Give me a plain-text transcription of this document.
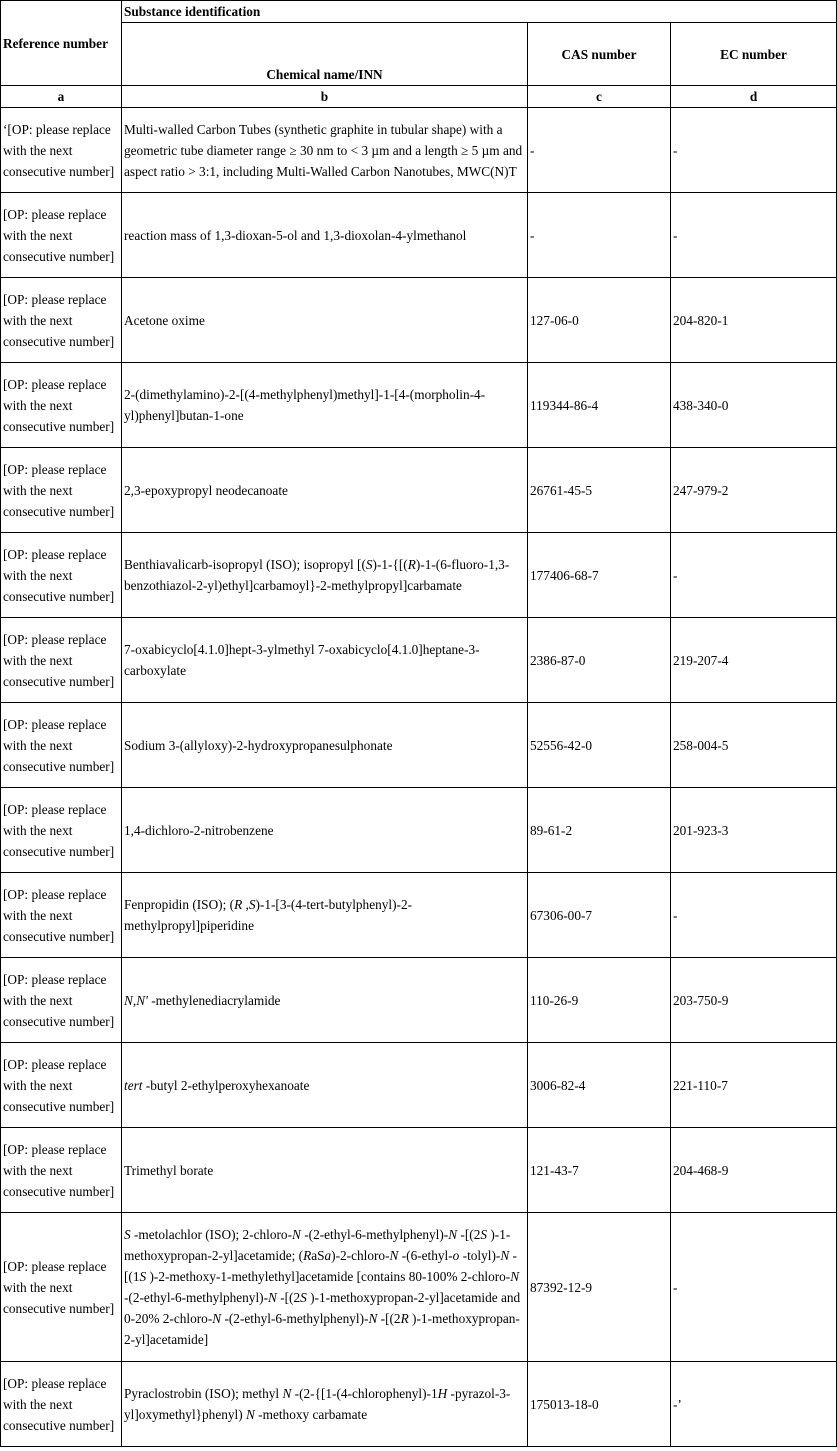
Reference number	Substance identification		
	Chemical name/INN	CAS number	EC number
a	b	c	d
‘[OP: please replace with the next consecutive number]	Multi-walled Carbon Tubes (synthetic graphite in tubular shape) with a geometric tube diameter range ≥ 30 nm to < 3 µm and a length ≥ 5 µm and aspect ratio > 3:1, including Multi-Walled Carbon Nanotubes, MWC(N)T	-	-
[OP: please replace with the next consecutive number]	reaction mass of 1,3-dioxan-5-ol and 1,3-dioxolan-4-ylmethanol	-	-
[OP: please replace with the next consecutive number]	Acetone oxime	127-06-0	204-820-1
[OP: please replace with the next consecutive number]	2-(dimethylamino)-2-[(4-methylphenyl)methyl]-1-[4-(morpholin-4-yl)phenyl]butan-1-one	119344-86-4	438-340-0
[OP: please replace with the next consecutive number]	2,3-epoxypropyl neodecanoate	26761-45-5	247-979-2
[OP: please replace with the next consecutive number]	Benthiavalicarb-isopropyl (ISO); isopropyl [(S)-1-{[(R)-1-(6-fluoro-1,3-benzothiazol-2-yl)ethyl]carbamoyl}-2-methylpropyl]carbamate	177406-68-7	-
[OP: please replace with the next consecutive number]	7-oxabicyclo[4.1.0]hept-3-ylmethyl 7-oxabicyclo[4.1.0]heptane-3-carboxylate	2386-87-0	219-207-4
[OP: please replace with the next consecutive number]	Sodium 3-(allyloxy)-2-hydroxypropanesulphonate	52556-42-0	258-004-5
[OP: please replace with the next consecutive number]	1,4-dichloro-2-nitrobenzene	89-61-2	201-923-3
[OP: please replace with the next consecutive number]	Fenpropidin (ISO); (R ,S)-1-[3-(4-tert-butylphenyl)-2-methylpropyl]piperidine	67306-00-7	-
[OP: please replace with the next consecutive number]	N,N' -methylenediacrylamide	110-26-9	203-750-9
[OP: please replace with the next consecutive number]	tert -butyl 2-ethylperoxyhexanoate	3006-82-4	221-110-7
[OP: please replace with the next consecutive number]	Trimethyl borate	121-43-7	204-468-9
[OP: please replace with the next consecutive number]	S -metolachlor (ISO); 2-chloro-N -(2-ethyl-6-methylphenyl)-N -[(2S )-1-methoxypropan-2-yl]acetamide; (RaSa)-2-chloro-N -(6-ethyl-o -tolyl)-N -[(1S )-2-methoxy-1-methylethyl]acetamide [contains 80-100% 2-chloro-N -(2-ethyl-6-methylphenyl)-N -[(2S )-1-methoxypropan-2-yl]acetamide and 0-20% 2-chloro-N -(2-ethyl-6-methylphenyl)-N -[(2R )-1-methoxypropan-2-yl]acetamide]	87392-12-9	-
[OP: please replace with the next consecutive number]	Pyraclostrobin (ISO); methyl N -(2-{[1-(4-chlorophenyl)-1H -pyrazol-3-yl]oxymethyl}phenyl) N -methoxy carbamate	175013-18-0	-’
